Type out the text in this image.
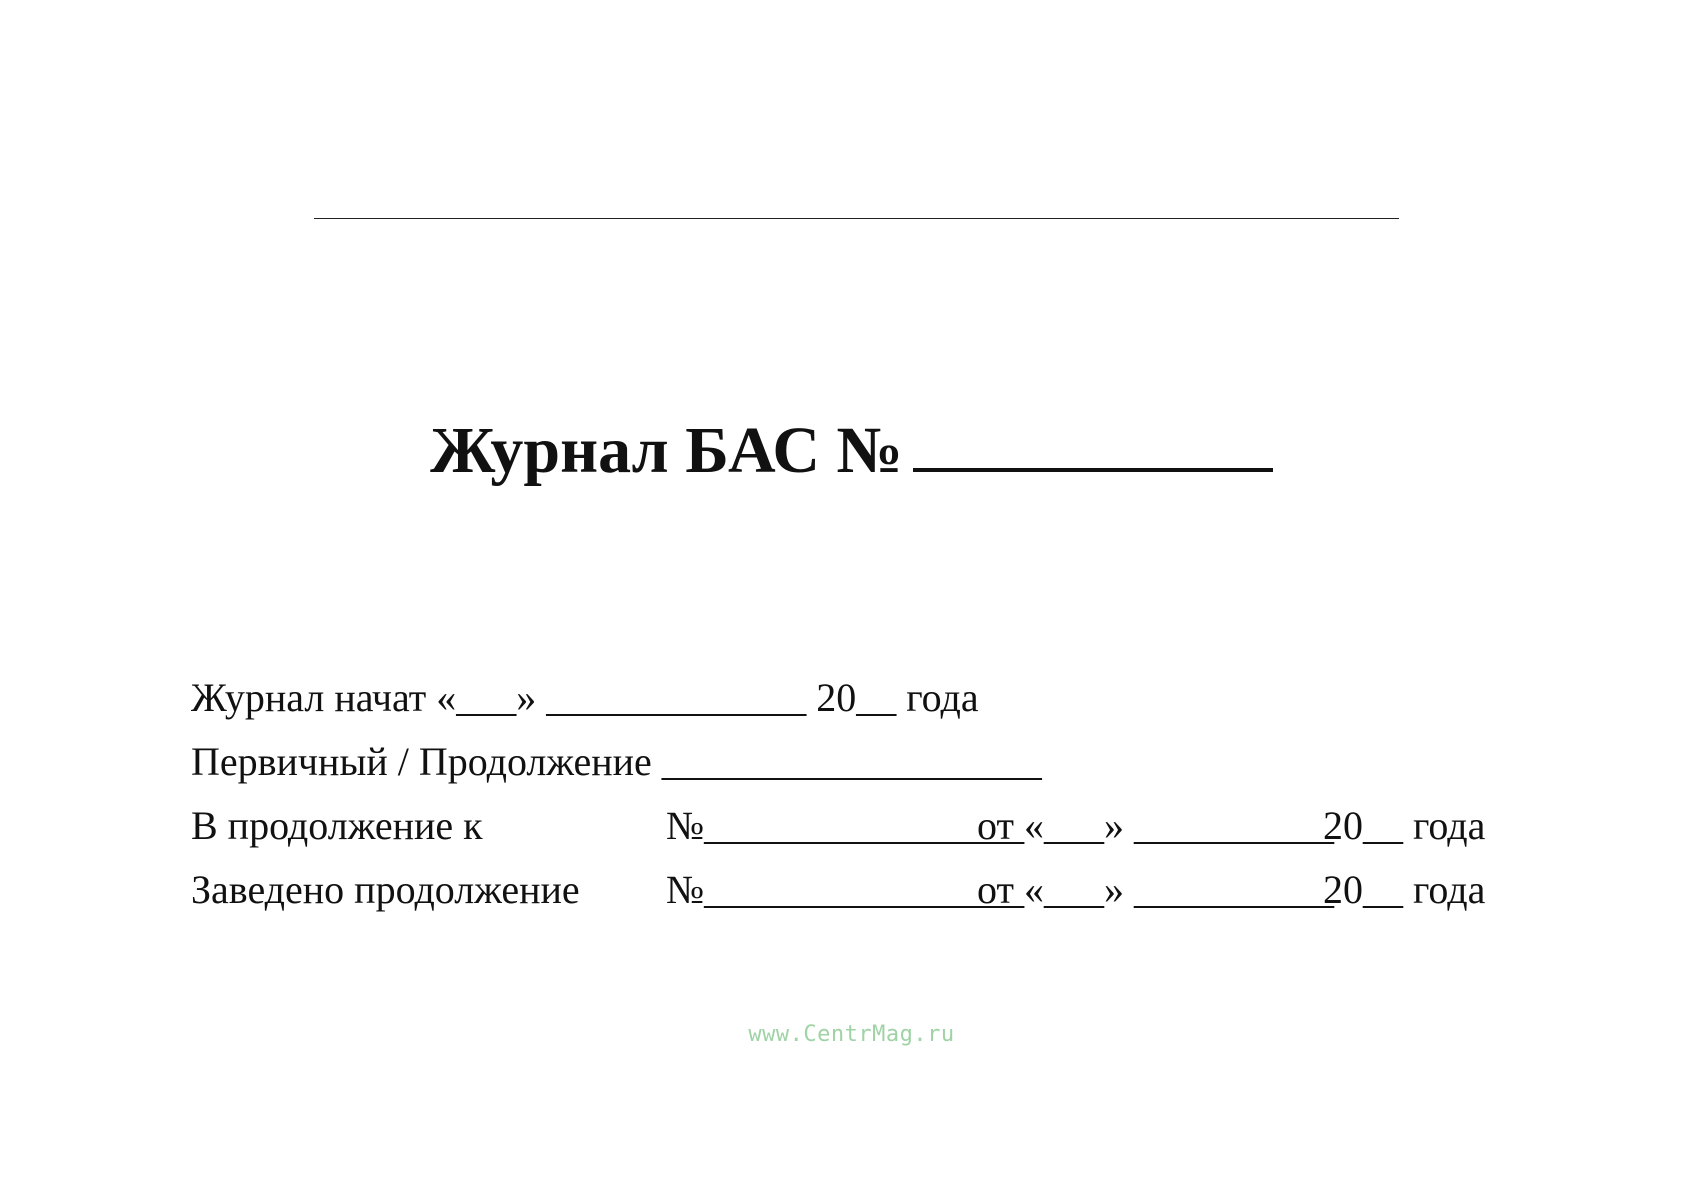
Журнал БАС №
Журнал начат «___» _____________ 20__ года
Первичный / Продолжение ___________________
В продолжение к	№________________
от «___» __________
20__ года
Заведено продолжение №________________
от «___» __________
20__ года
www.CentrMag.ru
